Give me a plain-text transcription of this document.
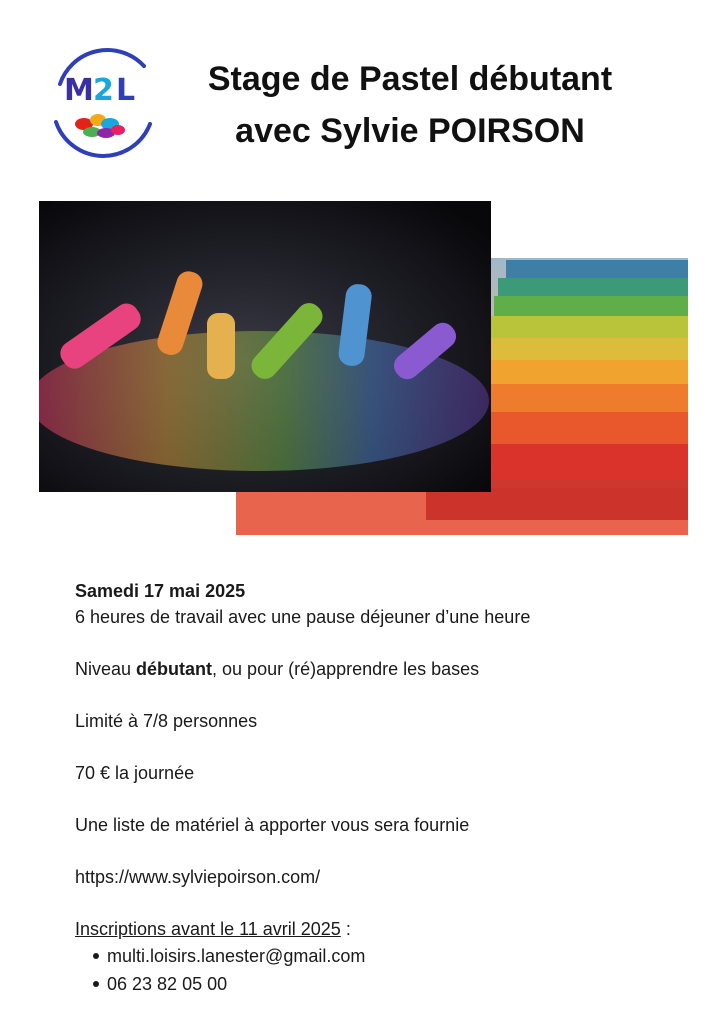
M 2 L	Stage de Pastel débutant
avec Sylvie POIRSON

Samedi 17 mai 2025

6 heures de travail avec une pause déjeuner d’une heure

Niveau débutant, ou pour (ré)apprendre les bases

Limité à 7/8 personnes

70 € la journée

Une liste de matériel à apporter vous sera fournie

https://www.sylviepoirson.com/

Inscriptions avant le 11 avril 2025 :

multi.loisirs.lanester@gmail.com
06 23 82 05 00
